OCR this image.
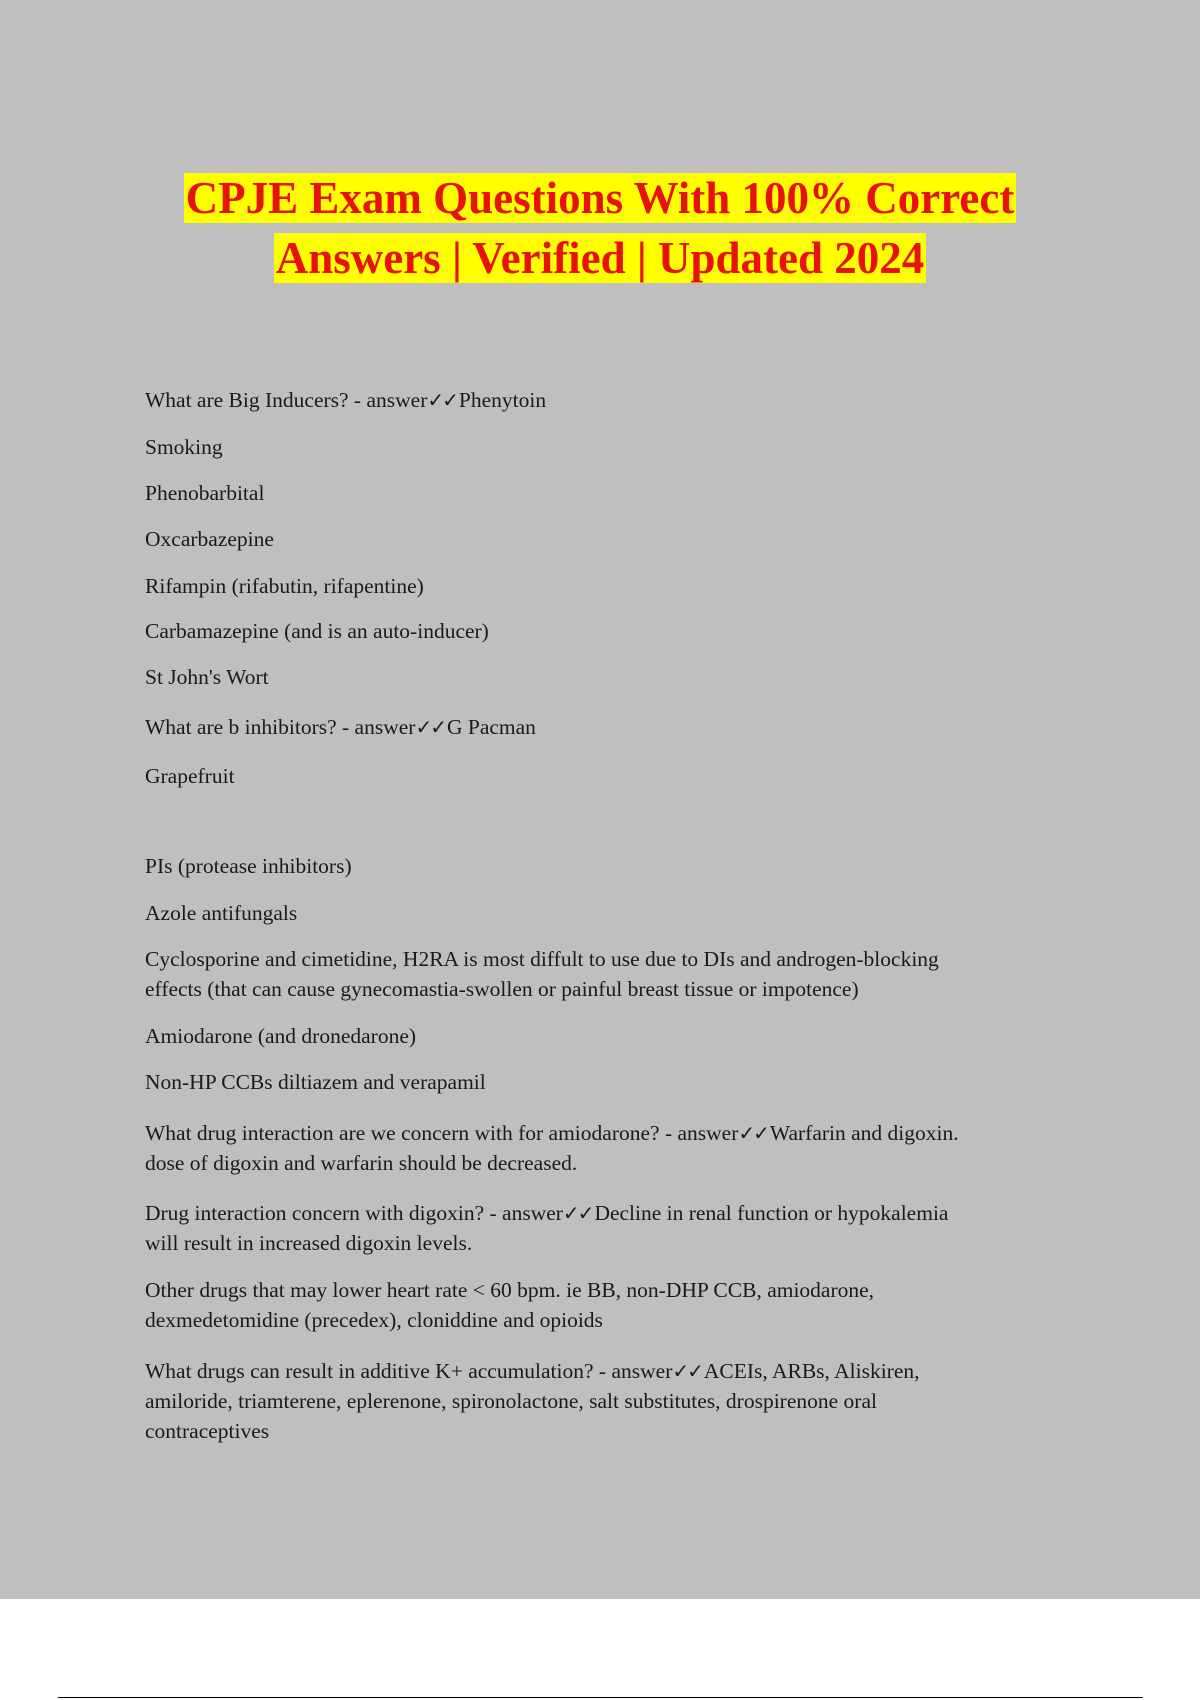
CPJE Exam Questions With 100% Correct
Answers | Verified | Updated 2024
What are Big Inducers? - answer✓✓Phenytoin
Smoking
Phenobarbital
Oxcarbazepine
Rifampin (rifabutin, rifapentine)
Carbamazepine (and is an auto-inducer)
St John's Wort
What are b inhibitors? - answer✓✓G Pacman
Grapefruit
PIs (protease inhibitors)
Azole antifungals
Cyclosporine and cimetidine, H2RA is most diffult to use due to DIs and androgen-blocking
effects (that can cause gynecomastia-swollen or painful breast tissue or impotence)
Amiodarone (and dronedarone)
Non-HP CCBs diltiazem and verapamil
What drug interaction are we concern with for amiodarone? - answer✓✓Warfarin and digoxin.
dose of digoxin and warfarin should be decreased.
Drug interaction concern with digoxin? - answer✓✓Decline in renal function or hypokalemia
will result in increased digoxin levels.
Other drugs that may lower heart rate < 60 bpm. ie BB, non-DHP CCB, amiodarone,
dexmedetomidine (precedex), cloniddine and opioids
What drugs can result in additive K+ accumulation? - answer✓✓ACEIs, ARBs, Aliskiren,
amiloride, triamterene, eplerenone, spironolactone, salt substitutes, drospirenone oral
contraceptives
